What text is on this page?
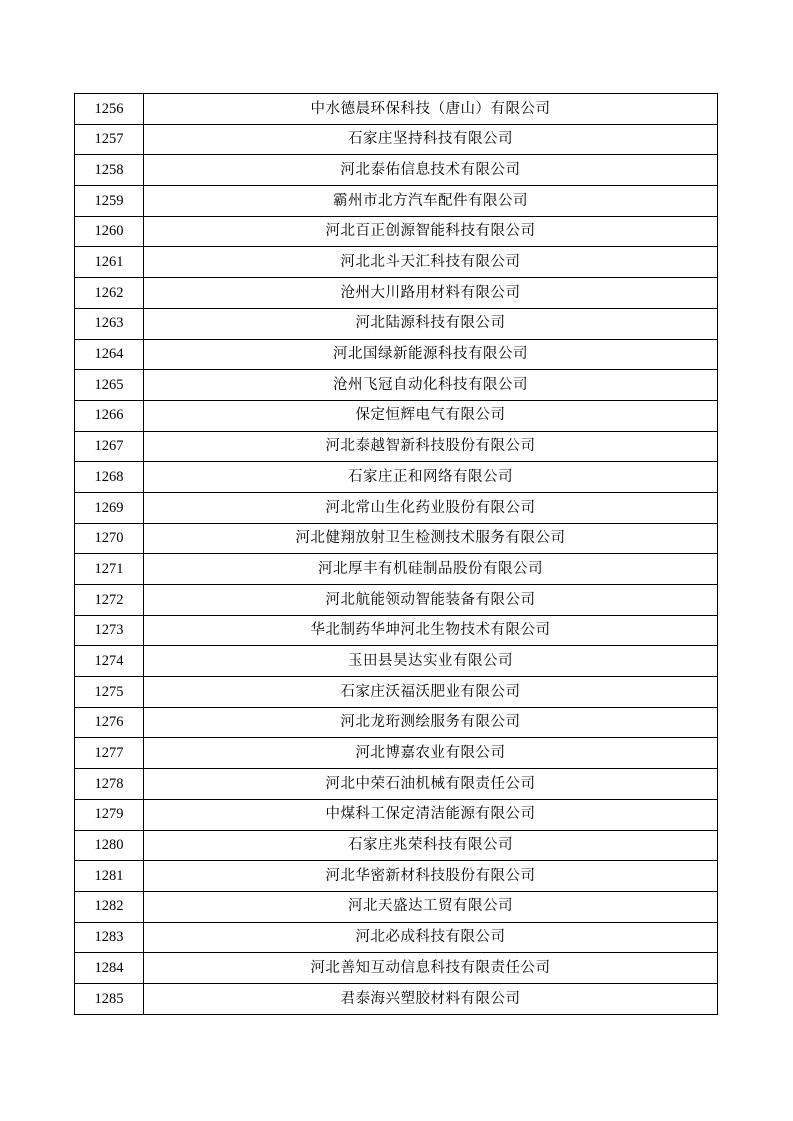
1256	中水德晨环保科技（唐山）有限公司
1257	石家庄坚持科技有限公司
1258	河北泰佑信息技术有限公司
1259	霸州市北方汽车配件有限公司
1260	河北百正创源智能科技有限公司
1261	河北北斗天汇科技有限公司
1262	沧州大川路用材料有限公司
1263	河北陆源科技有限公司
1264	河北国绿新能源科技有限公司
1265	沧州飞冠自动化科技有限公司
1266	保定恒辉电气有限公司
1267	河北泰越智新科技股份有限公司
1268	石家庄正和网络有限公司
1269	河北常山生化药业股份有限公司
1270	河北健翔放射卫生检测技术服务有限公司
1271	河北厚丰有机硅制品股份有限公司
1272	河北航能领动智能装备有限公司
1273	华北制药华坤河北生物技术有限公司
1274	玉田县昊达实业有限公司
1275	石家庄沃福沃肥业有限公司
1276	河北龙珩测绘服务有限公司
1277	河北博嘉农业有限公司
1278	河北中荣石油机械有限责任公司
1279	中煤科工保定清洁能源有限公司
1280	石家庄兆荣科技有限公司
1281	河北华密新材科技股份有限公司
1282	河北天盛达工贸有限公司
1283	河北必成科技有限公司
1284	河北善知互动信息科技有限责任公司
1285	君泰海兴塑胶材料有限公司
